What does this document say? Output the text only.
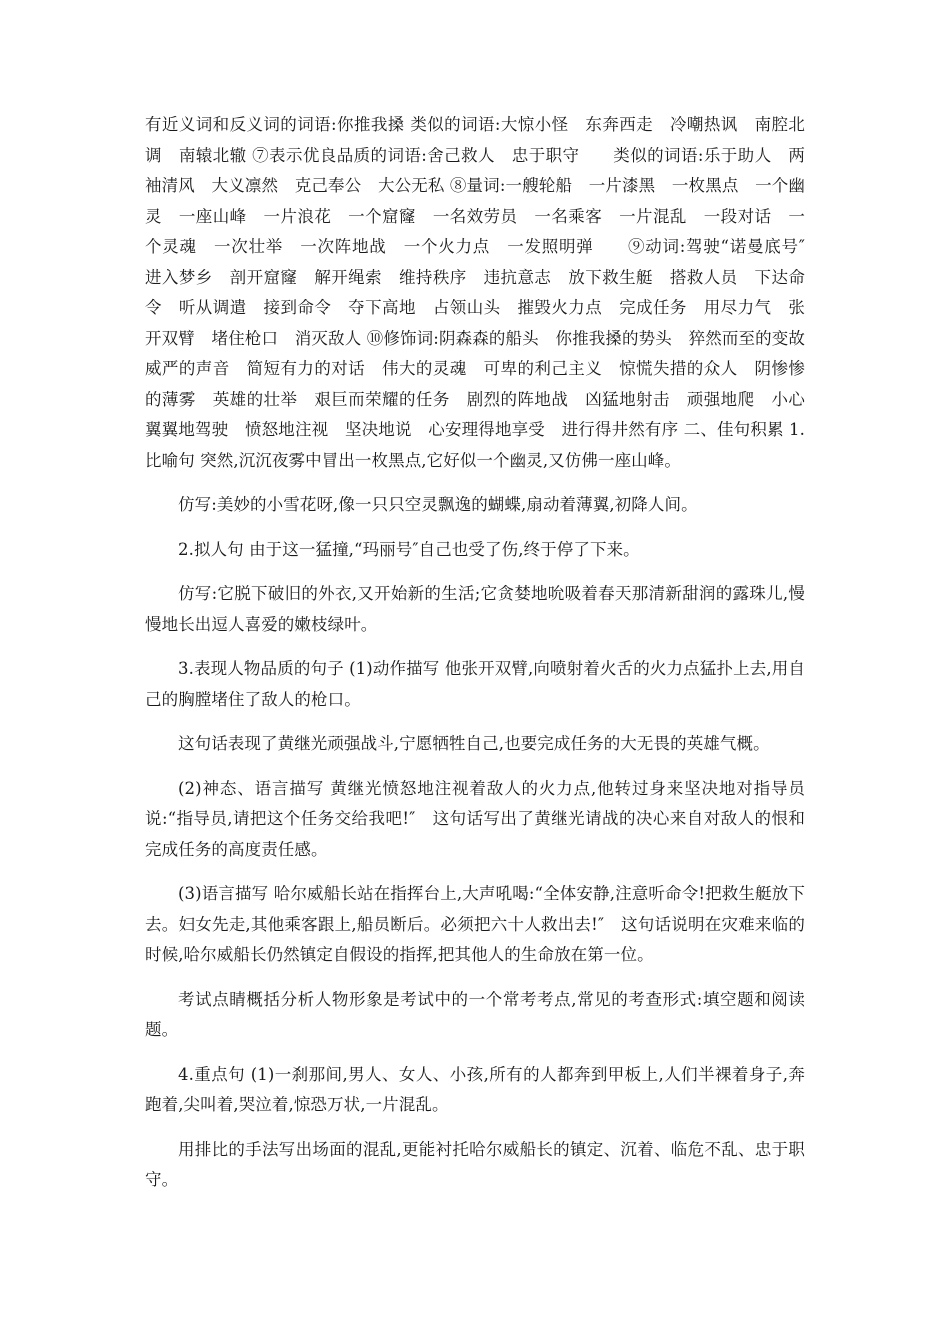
有近义词和反义词的词语:你推我搡 类似的词语:大惊小怪　东奔西走　冷嘲热讽　南腔北调　南辕北辙 ⑦表示优良品质的词语:舍己救人　忠于职守　　类似的词语:乐于助人　两袖清风　大义凛然　克己奉公　大公无私 ⑧量词:一艘轮船　一片漆黑　一枚黑点　一个幽灵　一座山峰　一片浪花　一个窟窿　一名效劳员　一名乘客　一片混乱　一段对话　一个灵魂　一次壮举　一次阵地战　一个火力点　一发照明弹　　⑨动词:驾驶“诺曼底号″　进入梦乡　剖开窟窿　解开绳索　维持秩序　违抗意志　放下救生艇　搭救人员　下达命令　听从调遣　接到命令　夺下高地　占领山头　摧毁火力点　完成任务　用尽力气　张开双臂　堵住枪口　消灭敌人 ⑩修饰词:阴森森的船头　你推我搡的势头　猝然而至的变故　威严的声音　简短有力的对话　伟大的灵魂　可卑的利己主义　惊慌失措的众人　阴惨惨的薄雾　英雄的壮举　艰巨而荣耀的任务　剧烈的阵地战　凶猛地射击　顽强地爬　小心翼翼地驾驶　愤怒地注视　坚决地说　心安理得地享受　进行得井然有序 二、佳句积累 1.比喻句 突然,沉沉夜雾中冒出一枚黑点,它好似一个幽灵,又仿佛一座山峰。

仿写:美妙的小雪花呀,像一只只空灵飘逸的蝴蝶,扇动着薄翼,初降人间。

2.拟人句 由于这一猛撞,“玛丽号″自己也受了伤,终于停了下来。

仿写:它脱下破旧的外衣,又开始新的生活;它贪婪地吮吸着春天那清新甜润的露珠儿,慢慢地长出逗人喜爱的嫩枝绿叶。

3.表现人物品质的句子 (1)动作描写 他张开双臂,向喷射着火舌的火力点猛扑上去,用自己的胸膛堵住了敌人的枪口。

这句话表现了黄继光顽强战斗,宁愿牺牲自己,也要完成任务的大无畏的英雄气概。

(2)神态、语言描写 黄继光愤怒地注视着敌人的火力点,他转过身来坚决地对指导员说:“指导员,请把这个任务交给我吧!″　这句话写出了黄继光请战的决心来自对敌人的恨和完成任务的高度责任感。

(3)语言描写 哈尔威船长站在指挥台上,大声吼喝:“全体安静,注意听命令!把救生艇放下去。妇女先走,其他乘客跟上,船员断后。必须把六十人救出去!″　这句话说明在灾难来临的时候,哈尔威船长仍然镇定自假设的指挥,把其他人的生命放在第一位。

考试点睛概括分析人物形象是考试中的一个常考考点,常见的考查形式:填空题和阅读题。

4.重点句 (1)一刹那间,男人、女人、小孩,所有的人都奔到甲板上,人们半裸着身子,奔跑着,尖叫着,哭泣着,惊恐万状,一片混乱。

用排比的手法写出场面的混乱,更能衬托哈尔威船长的镇定、沉着、临危不乱、忠于职守。
